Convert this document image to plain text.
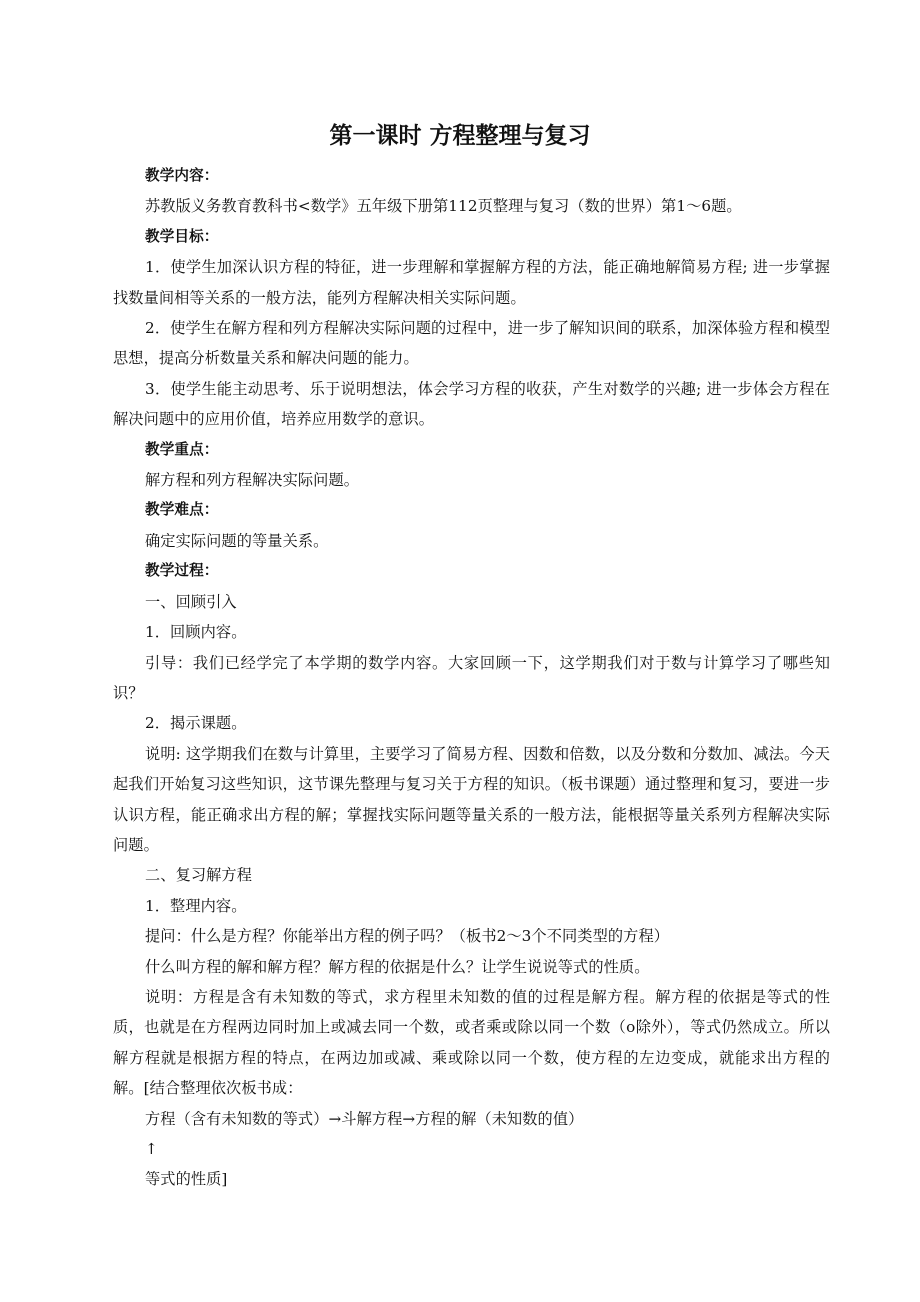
第一课时 方程整理与复习

教学内容：

苏教版义务教育教科书<数学》五年级下册第112页整理与复习（数的世界）第1～6题。

教学目标：

1．使学生加深认识方程的特征，进一步理解和掌握解方程的方法，能正确地解简易方程; 进一步掌握找数量间相等关系的一般方法，能列方程解决相关实际问题。

2．使学生在解方程和列方程解决实际问题的过程中，进一步了解知识间的联系，加深体验方程和模型思想，提高分析数量关系和解决问题的能力。

3．使学生能主动思考、乐于说明想法，体会学习方程的收获，产生对数学的兴趣; 进一步体会方程在解决问题中的应用价值，培养应用数学的意识。

教学重点：

解方程和列方程解决实际问题。

教学难点：

确定实际问题的等量关系。

教学过程：

一、回顾引入

1．回顾内容。

引导：我们已经学完了本学期的数学内容。大家回顾一下，这学期我们对于数与计算学习了哪些知识？

2．揭示课题。

说明: 这学期我们在数与计算里，主要学习了简易方程、因数和倍数，以及分数和分数加、减法。今天起我们开始复习这些知识，这节课先整理与复习关于方程的知识。（板书课题）通过整理和复习，要进一步认识方程，能正确求出方程的解；掌握找实际问题等量关系的一般方法，能根据等量关系列方程解决实际问题。

二、复习解方程

1．整理内容。

提问：什么是方程？你能举出方程的例子吗？（板书2～3个不同类型的方程）

什么叫方程的解和解方程？解方程的依据是什么？让学生说说等式的性质。

说明：方程是含有未知数的等式，求方程里未知数的值的过程是解方程。解方程的依据是等式的性质，也就是在方程两边同时加上或减去同一个数，或者乘或除以同一个数（o除外），等式仍然成立。所以解方程就是根据方程的特点，在两边加或减、乘或除以同一个数，使方程的左边变成，就能求出方程的解。[结合整理依次板书成：

方程（含有未知数的等式）→斗解方程→方程的解（未知数的值）

↑

等式的性质]
